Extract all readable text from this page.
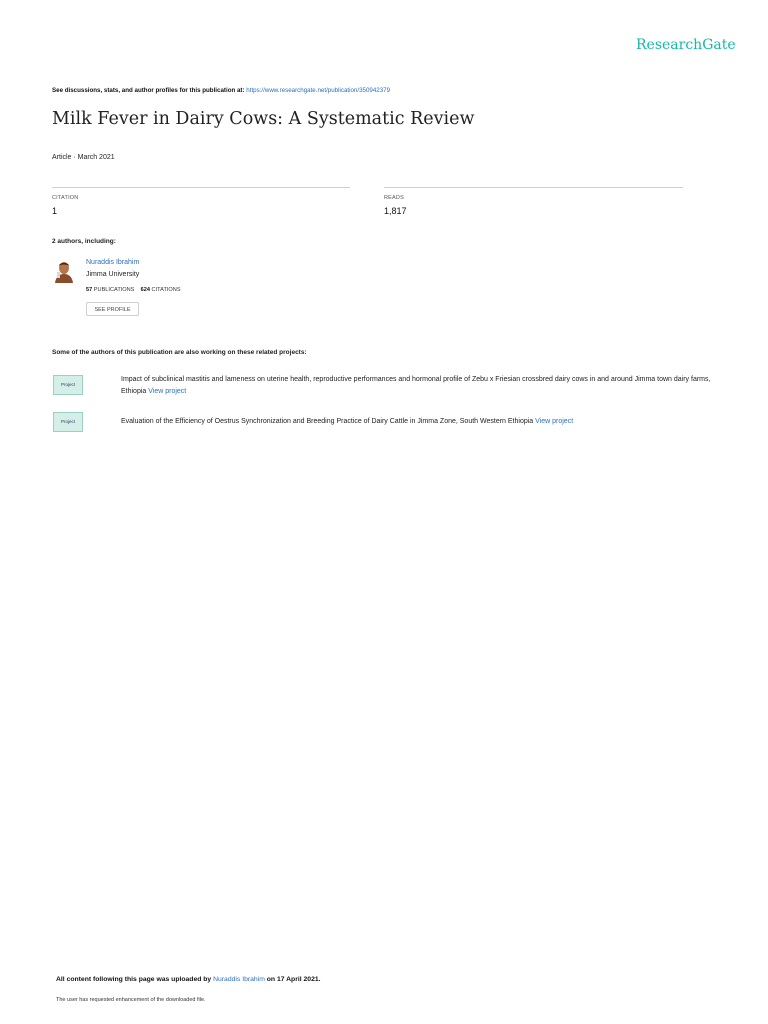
ResearchGate
See discussions, stats, and author profiles for this publication at: https://www.researchgate.net/publication/350942379
Milk Fever in Dairy Cows: A Systematic Review
Article · March 2021
CITATION
1
READS
1,817
2 authors, including:
Nuraddis Ibrahim
Jimma University
57 PUBLICATIONS 624 CITATIONS
SEE PROFILE
Some of the authors of this publication are also working on these related projects:
Project
Impact of subclinical mastitis and lameness on uterine health, reproductive performances and hormonal profile of Zebu x Friesian crossbred dairy cows in and around Jimma town dairy farms, Ethiopia View project
Project	Evaluation of the Efficiency of Oestrus Synchronization and Breeding Practice of Dairy Cattle in Jimma Zone, South Western Ethiopia View project
All content following this page was uploaded by Nuraddis Ibrahim on 17 April 2021.
The user has requested enhancement of the downloaded file.
